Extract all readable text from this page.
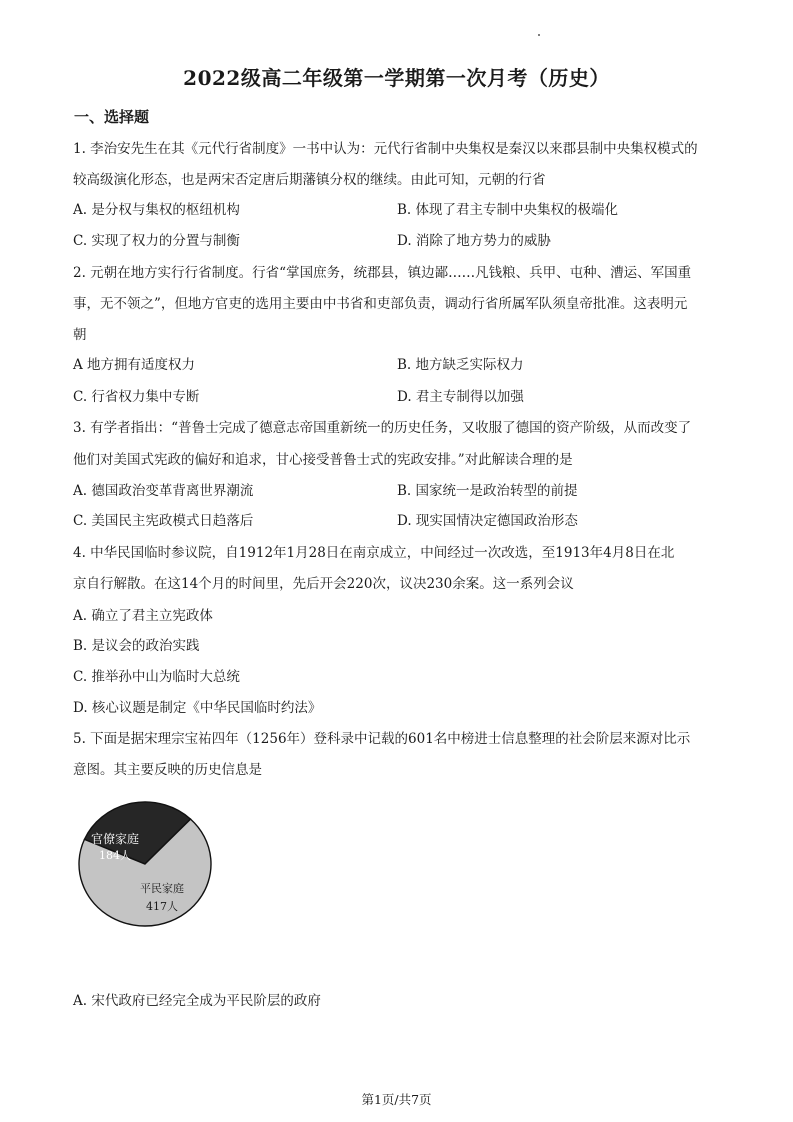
2022级高二年级第一学期第一次月考（历史）
一、选择题
1. 李治安先生在其《元代行省制度》一书中认为：元代行省制中央集权是秦汉以来郡县制中央集权模式的
较高级演化形态，也是两宋否定唐后期藩镇分权的继续。由此可知，元朝的行省
A. 是分权与集权的枢纽机构	B. 体现了君主专制中央集权的极端化
C. 实现了权力的分置与制衡	D. 消除了地方势力的威胁
2. 元朝在地方实行行省制度。行省“掌国庶务，统郡县，镇边鄙……凡钱粮、兵甲、屯种、漕运、军国重
事，无不领之”，但地方官吏的选用主要由中书省和吏部负责，调动行省所属军队须皇帝批准。这表明元
朝
A 地方拥有适度权力	B. 地方缺乏实际权力
C. 行省权力集中专断	D. 君主专制得以加强
3. 有学者指出：“普鲁士完成了德意志帝国重新统一的历史任务，又收服了德国的资产阶级，从而改变了
他们对美国式宪政的偏好和追求，甘心接受普鲁士式的宪政安排。”对此解读合理的是
A. 德国政治变革背离世界潮流	B. 国家统一是政治转型的前提
C. 美国民主宪政模式日趋落后	D. 现实国情决定德国政治形态
4. 中华民国临时参议院，自1912年1月28日在南京成立，中间经过一次改选，至1913年4月8日在北
京自行解散。在这14个月的时间里，先后开会220次，议决230余案。这一系列会议
A. 确立了君主立宪政体
B. 是议会的政治实践
C. 推举孙中山为临时大总统
D. 核心议题是制定《中华民国临时约法》
5. 下面是据宋理宗宝祐四年（1256年）登科录中记载的601名中榜进士信息整理的社会阶层来源对比示
意图。其主要反映的历史信息是
官僚家庭
184人
平民家庭
417人
A. 宋代政府已经完全成为平民阶层的政府
第1页/共7页
